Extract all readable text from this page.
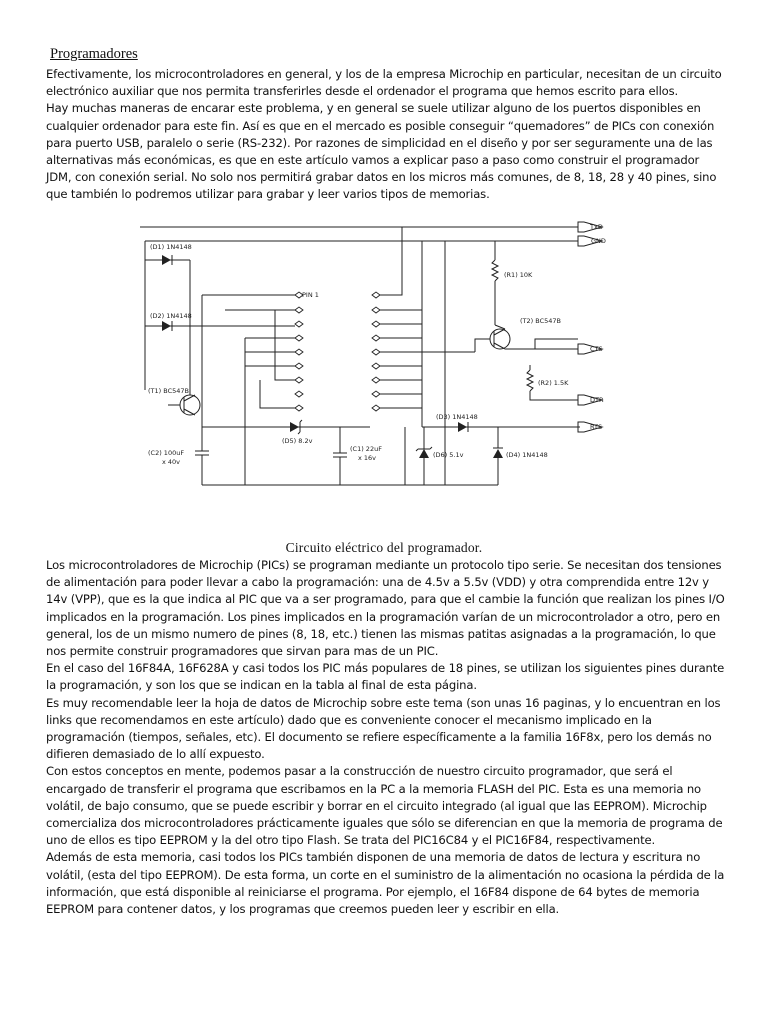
Programadores

Efectivamente, los microcontroladores en general, y los de la empresa Microchip en particular, necesitan de un circuito electrónico auxiliar que nos permita transferirles desde el ordenador el programa que hemos escrito para ellos.

Hay muchas maneras de encarar este problema, y en general se suele utilizar alguno de los puertos disponibles en cualquier ordenador para este fin. Así es que en el mercado es posible conseguir “quemadores” de PICs con conexión para puerto USB, paralelo o serie (RS-232). Por razones de simplicidad en el diseño y por ser seguramente una de las alternativas más económicas, es que en este artículo vamos a explicar paso a paso como construir el programador JDM, con conexión serial. No solo nos permitirá grabar datos en los micros más comunes, de 8, 18, 28 y 40 pines, sino que también lo podremos utilizar para grabar y leer varios tipos de memorias.

TxD
GND
(D1) 1N4148
(D2) 1N4148
(T1) BC547B
PIN 1
(R1) 10K
(T2) BC547B
CTS
(R2) 1.5K
DTR
RTS
(D3) 1N4148
(D4) 1N4148
(D6) 5.1v
(D5) 8.2v
(C2) 100uF
x 40v
(C1) 22uF
x 16v
Circuito eléctrico del programador.

Los microcontroladores de Microchip (PICs) se programan mediante un protocolo tipo serie. Se necesitan dos tensiones de alimentación para poder llevar a cabo la programación: una de 4.5v a 5.5v (VDD) y otra comprendida entre 12v y 14v (VPP), que es la que indica al PIC que va a ser programado, para que el cambie la función que realizan los pines I/O implicados en la programación. Los pines implicados en la programación varían de un microcontrolador a otro, pero en general, los de un mismo numero de pines (8, 18, etc.) tienen las mismas patitas asignadas a la programación, lo que nos permite construir programadores que sirvan para mas de un PIC.

En el caso del 16F84A, 16F628A y casi todos los PIC más populares de 18 pines, se utilizan los siguientes pines durante la programación, y son los que se indican en la tabla al final de esta página.

Es muy recomendable leer la hoja de datos de Microchip sobre este tema (son unas 16 paginas, y lo encuentran en los links que recomendamos en este artículo) dado que es conveniente conocer el mecanismo implicado en la programación (tiempos, señales, etc). El documento se refiere específicamente a la familia 16F8x, pero los demás no difieren demasiado de lo allí expuesto.

Con estos conceptos en mente, podemos pasar a la construcción de nuestro circuito programador, que será el encargado de transferir el programa que escribamos en la PC a la memoria FLASH del PIC. Esta es una memoria no volátil, de bajo consumo, que se puede escribir y borrar en el circuito integrado (al igual que las EEPROM). Microchip comercializa dos microcontroladores prácticamente iguales que sólo se diferencian en que la memoria de programa de uno de ellos es tipo EEPROM y la del otro tipo Flash. Se trata del PIC16C84 y el PIC16F84, respectivamente.

Además de esta memoria, casi todos los PICs también disponen de una memoria de datos de lectura y escritura no volátil, (esta del tipo EEPROM). De esta forma, un corte en el suministro de la alimentación no ocasiona la pérdida de la información, que está disponible al reiniciarse el programa. Por ejemplo, el 16F84 dispone de 64 bytes de memoria EEPROM para contener datos, y los programas que creemos pueden leer y escribir en ella.
